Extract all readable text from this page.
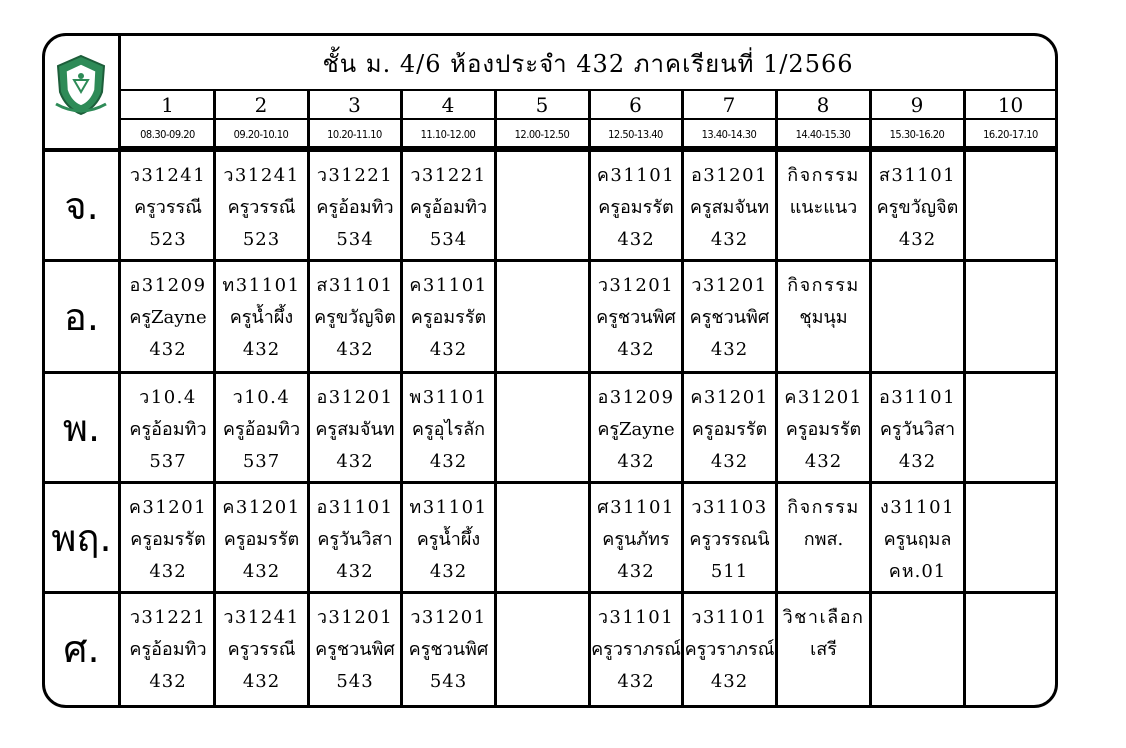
ชั้น ม. 4/6 ห้องประจำ 432 ภาคเรียนที่ 1/2566
1
08.30-09.20
2
09.20-10.10
3
10.20-11.10
4
11.10-12.00
5
12.00-12.50
6
12.50-13.40
7
13.40-14.30
8
14.40-15.30
9
15.30-16.20
10
16.20-17.10
จ.
ว31241
ครูวรรณี
523
ว31241
ครูวรรณี
523
ว31221
ครูอ้อมทิว
534
ว31221
ครูอ้อมทิว
534
ค31101
ครูอมรรัต
432
อ31201
ครูสมจันท
432
กิจกรรม
แนะแนว
ส31101
ครูขวัญจิต
432
อ.
อ31209
ครูZayne
432
ท31101
ครูน้ำผึ้ง
432
ส31101
ครูขวัญจิต
432
ค31101
ครูอมรรัต
432
ว31201
ครูชวนพิศ
432
ว31201
ครูชวนพิศ
432
กิจกรรม
ชุมนุม
พ.
ว10.4
ครูอ้อมทิว
537
ว10.4
ครูอ้อมทิว
537
อ31201
ครูสมจันท
432
พ31101
ครูอุไรลัก
432
อ31209
ครูZayne
432
ค31201
ครูอมรรัต
432
ค31201
ครูอมรรัต
432
อ31101
ครูวันวิสา
432
พฤ.
ค31201
ครูอมรรัต
432
ค31201
ครูอมรรัต
432
อ31101
ครูวันวิสา
432
ท31101
ครูน้ำผึ้ง
432
ศ31101
ครูนภัทร
432
ว31103
ครูวรรณนิ
511
กิจกรรม
กพส.
ง31101
ครูนฤมล
คห.01
ศ.
ว31221
ครูอ้อมทิว
432
ว31241
ครูวรรณี
432
ว31201
ครูชวนพิศ
543
ว31201
ครูชวนพิศ
543
ว31101
ครูวราภรณ์
432
ว31101
ครูวราภรณ์
432
วิชาเลือก
เสรี
